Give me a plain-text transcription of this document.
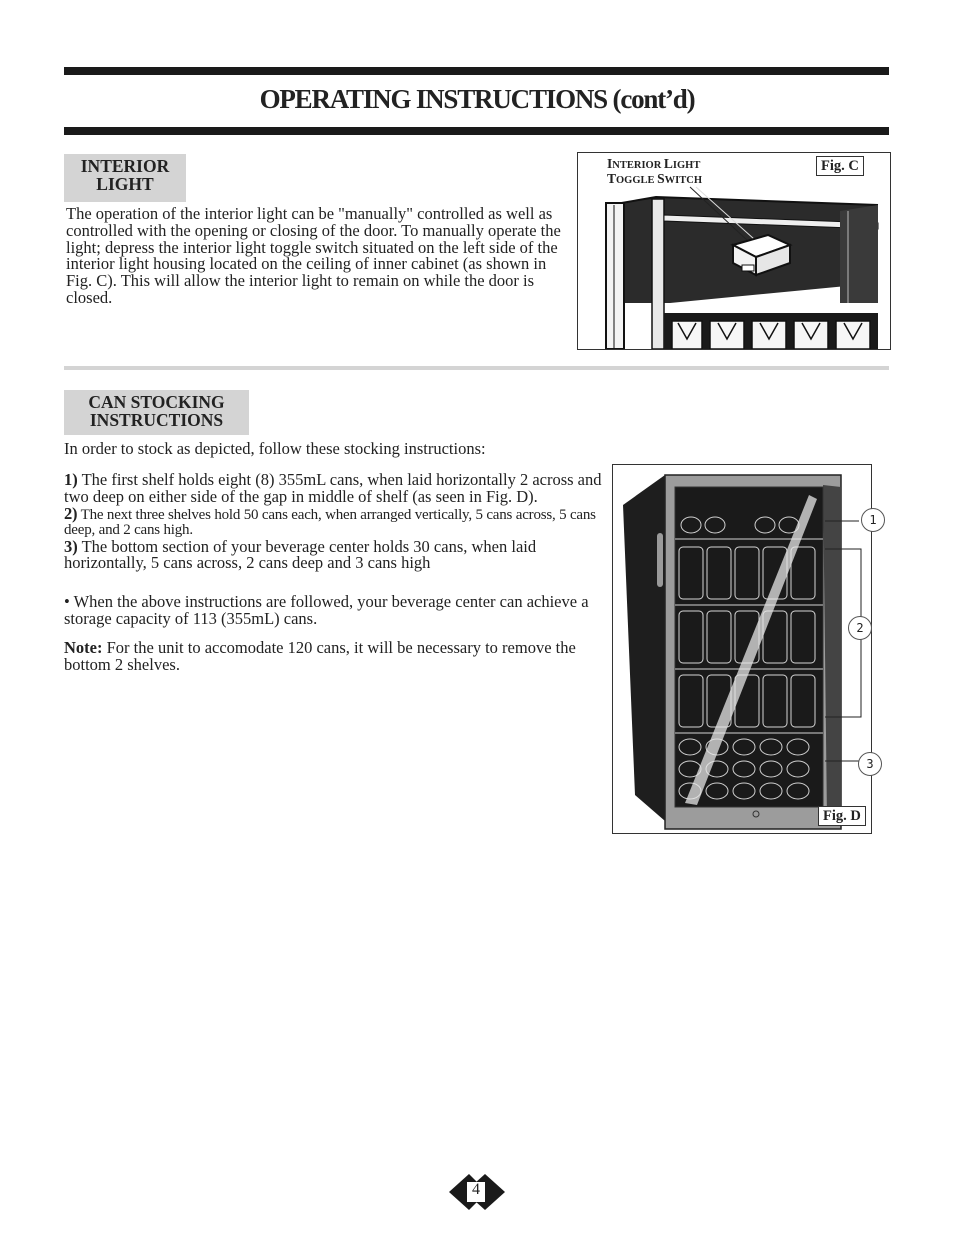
OPERATING INSTRUCTIONS (cont’d)
INTERIOR
LIGHT

The operation of the interior light can be "manually" controlled as well as controlled with the opening or closing of the door. To manually operate the light; depress the interior light toggle switch situated on the left side of the interior light housing located on the ceiling of inner cabinet (as shown in Fig. C). This will allow the interior light to remain on while the door is closed.

INTERIOR LIGHT
TOGGLE SWITCH
Fig. C
CAN STOCKING
INSTRUCTIONS

In order to stock as depicted, follow these stocking instructions:

1) The first shelf holds eight (8) 355mL cans, when laid horizontally 2 across and two deep on either side of the gap in middle of shelf (as seen in Fig. D).
2) The next three shelves hold 50 cans each, when arranged vertically, 5 cans across, 5 cans deep, and 2 cans high.
3) The bottom section of your beverage center holds 30 cans, when laid horizontally, 5 cans across, 2 cans deep and 3 cans high

• When the above instructions are followed, your beverage center can achieve a storage capacity of 113 (355mL) cans.

Note: For the unit to accomodate 120 cans, it will be necessary to remove the bottom 2 shelves.

Fig. D
1
2
3
4
